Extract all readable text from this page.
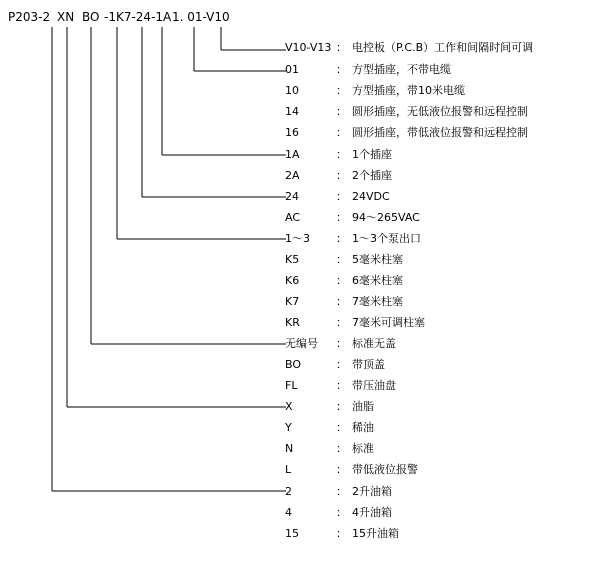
P203-2 XN BO -1K7-24-1A 1. 01-V10
V10-V13 ： 电控板（P.C.B）工作和间隔时间可调
01	： 方型插座，不带电缆
10	： 方型插座，带10米电缆
14	： 圆形插座，无低液位报警和远程控制
16	： 圆形插座，带低液位报警和远程控制
1A	： 1个插座
2A	： 2个插座
24	： 24VDC
AC	： 94～265VAC
1～3 ： 1～3个泵出口
K5	： 5毫米柱塞
K6	： 6毫米柱塞
K7	： 7毫米柱塞
KR	： 7毫米可调柱塞
无编号 ： 标准无盖
BO	： 带顶盖
FL	： 带压油盘
X	： 油脂
Y	： 稀油
N	： 标准
L	： 带低液位报警
2	： 2升油箱
4	： 4升油箱
15	： 15升油箱
